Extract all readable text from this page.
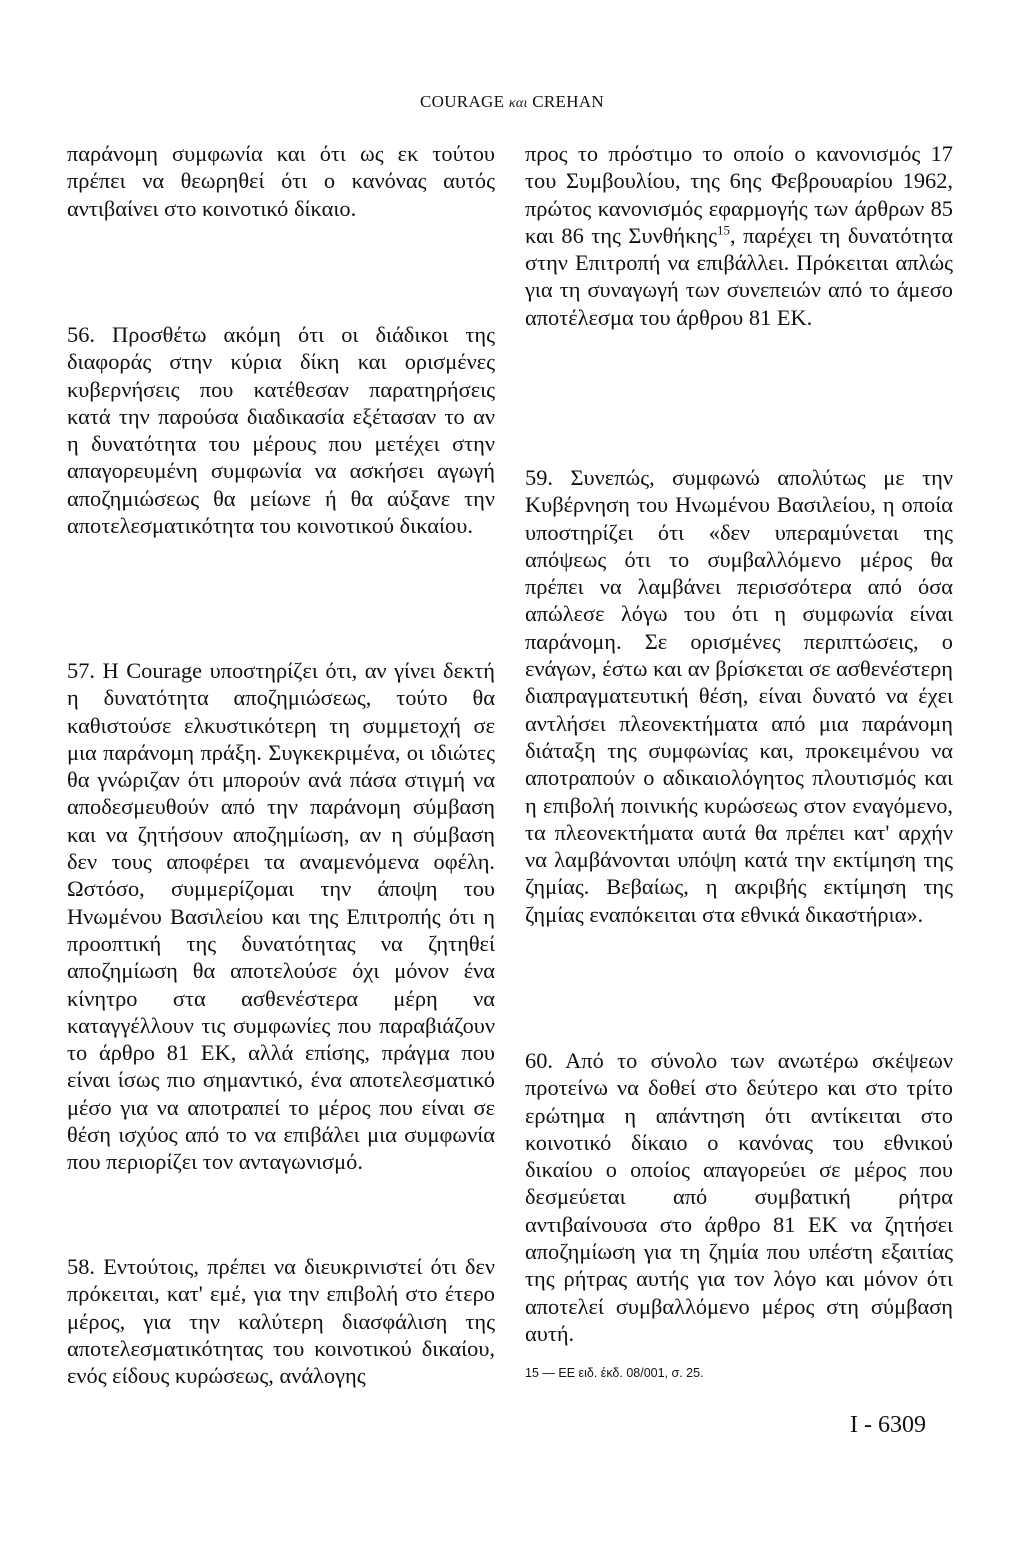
COURAGE και CREHAN

παράνομη συμφωνία και ότι ως εκ τούτου πρέπει να θεωρηθεί ότι ο κανόνας αυτός αντιβαίνει στο κοινοτικό δίκαιο.

56. Προσθέτω ακόμη ότι οι διάδικοι της διαφοράς στην κύρια δίκη και ορισμένες κυβερνήσεις που κατέθεσαν παρατηρήσεις κατά την παρούσα διαδικασία εξέτασαν το αν η δυνατότητα του μέρους που μετέχει στην απαγορευμένη συμφωνία να ασκήσει αγωγή αποζημιώσεως θα μείωνε ή θα αύξανε την αποτελεσματικότητα του κοινοτικού δικαίου.

57. Η Courage υποστηρίζει ότι, αν γίνει δεκτή η δυνατότητα αποζημιώσεως, τούτο θα καθιστούσε ελκυστικότερη τη συμμετοχή σε μια παράνομη πράξη. Συγκεκριμένα, οι ιδιώτες θα γνώριζαν ότι μπορούν ανά πάσα στιγμή να αποδεσμευθούν από την παράνομη σύμβαση και να ζητήσουν αποζημίωση, αν η σύμβαση δεν τους αποφέρει τα αναμενόμενα οφέλη. Ωστόσο, συμμερίζομαι την άποψη του Ηνωμένου Βασιλείου και της Επιτροπής ότι η προοπτική της δυνατότητας να ζητηθεί αποζημίωση θα αποτελούσε όχι μόνον ένα κίνητρο στα ασθενέστερα μέρη να καταγγέλλουν τις συμφωνίες που παραβιάζουν το άρθρο 81 ΕΚ, αλλά επίσης, πράγμα που είναι ίσως πιο σημαντικό, ένα αποτελεσματικό μέσο για να αποτραπεί το μέρος που είναι σε θέση ισχύος από το να επιβάλει μια συμφωνία που περιορίζει τον ανταγωνισμό.

58. Εντούτοις, πρέπει να διευκρινιστεί ότι δεν πρόκειται, κατ' εμέ, για την επιβολή στο έτερο μέρος, για την καλύτερη διασφάλιση της αποτελεσματικότητας του κοινοτικού δικαίου, ενός είδους κυρώσεως, ανάλογης

προς το πρόστιμο το οποίο ο κανονισμός 17 του Συμβουλίου, της 6ης Φεβρουαρίου 1962, πρώτος κανονισμός εφαρμογής των άρθρων 85 και 86 της Συνθήκης$^{15}$, παρέχει τη δυνατότητα στην Επιτροπή να επιβάλλει. Πρόκειται απλώς για τη συναγωγή των συνεπειών από το άμεσο αποτέλεσμα του άρθρου 81 ΕΚ.

59. Συνεπώς, συμφωνώ απολύτως με την Κυβέρνηση του Ηνωμένου Βασιλείου, η οποία υποστηρίζει ότι «δεν υπεραμύνεται της απόψεως ότι το συμβαλλόμενο μέρος θα πρέπει να λαμβάνει περισσότερα από όσα απώλεσε λόγω του ότι η συμφωνία είναι παράνομη. Σε ορισμένες περιπτώσεις, ο ενάγων, έστω και αν βρίσκεται σε ασθενέστερη διαπραγματευτική θέση, είναι δυνατό να έχει αντλήσει πλεονεκτήματα από μια παράνομη διάταξη της συμφωνίας και, προκειμένου να αποτραπούν ο αδικαιολόγητος πλουτισμός και η επιβολή ποινικής κυρώσεως στον εναγόμενο, τα πλεονεκτήματα αυτά θα πρέπει κατ' αρχήν να λαμβάνονται υπόψη κατά την εκτίμηση της ζημίας. Βεβαίως, η ακριβής εκτίμηση της ζημίας εναπόκειται στα εθνικά δικαστήρια».

60. Από το σύνολο των ανωτέρω σκέψεων προτείνω να δοθεί στο δεύτερο και στο τρίτο ερώτημα η απάντηση ότι αντίκειται στο κοινοτικό δίκαιο ο κανόνας του εθνικού δικαίου ο οποίος απαγορεύει σε μέρος που δεσμεύεται από συμβατική ρήτρα αντιβαίνουσα στο άρθρο 81 ΕΚ να ζητήσει αποζημίωση για τη ζημία που υπέστη εξαιτίας της ρήτρας αυτής για τον λόγο και μόνον ότι αποτελεί συμβαλλόμενο μέρος στη σύμβαση αυτή.

15 — ΕΕ ειδ. έκδ. 08/001, σ. 25.
I - 6309
